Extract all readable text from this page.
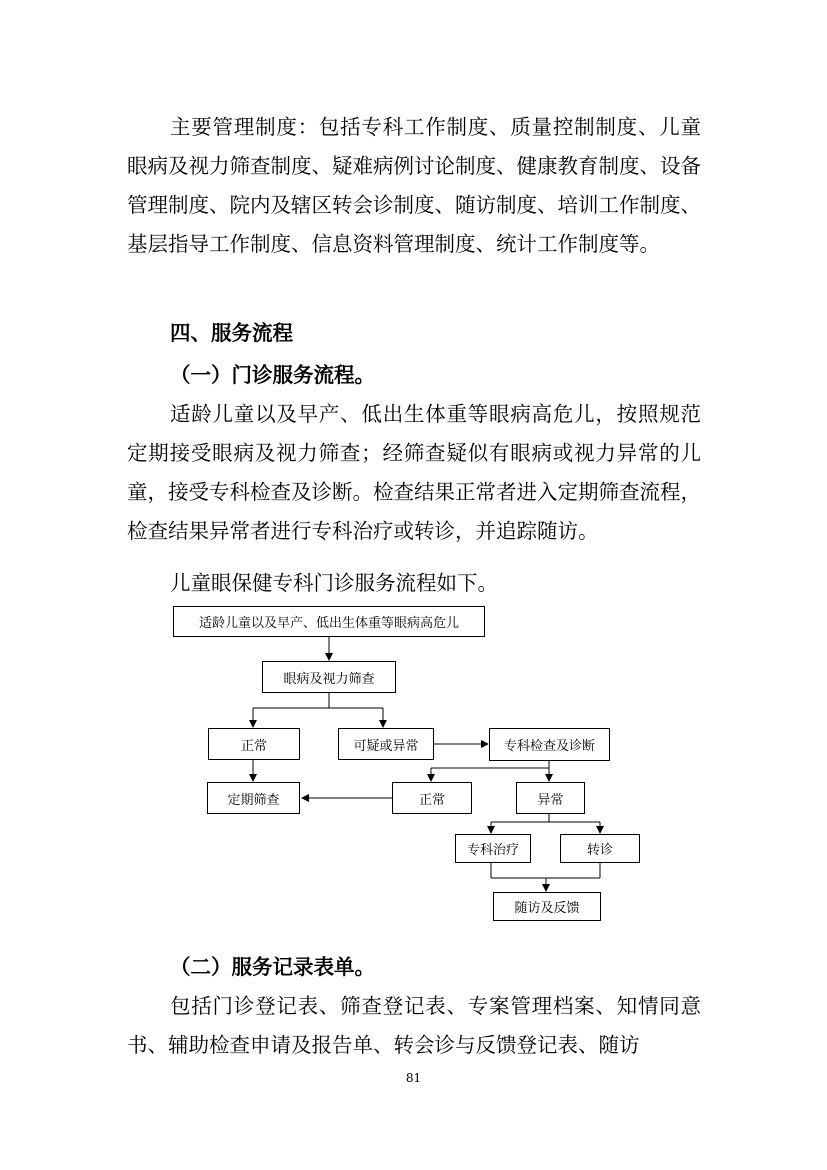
主要管理制度：包括专科工作制度、质量控制制度、儿童眼病及视力筛查制度、疑难病例讨论制度、健康教育制度、设备管理制度、院内及辖区转会诊制度、随访制度、培训工作制度、基层指导工作制度、信息资料管理制度、统计工作制度等。

四、服务流程

（一）门诊服务流程。

适龄儿童以及早产、低出生体重等眼病高危儿，按照规范定期接受眼病及视力筛查；经筛查疑似有眼病或视力异常的儿童，接受专科检查及诊断。检查结果正常者进入定期筛查流程，检查结果异常者进行专科治疗或转诊，并追踪随访。

儿童眼保健专科门诊服务流程如下。

适龄儿童以及早产、低出生体重等眼病高危儿
眼病及视力筛查
正常	可疑或异常	专科检查及诊断
定期筛查	正常	异常
专科治疗	转诊
随访及反馈

（二）服务记录表单。

包括门诊登记表、筛查登记表、专案管理档案、知情同意书、辅助检查申请及报告单、转会诊与反馈登记表、随访

81
